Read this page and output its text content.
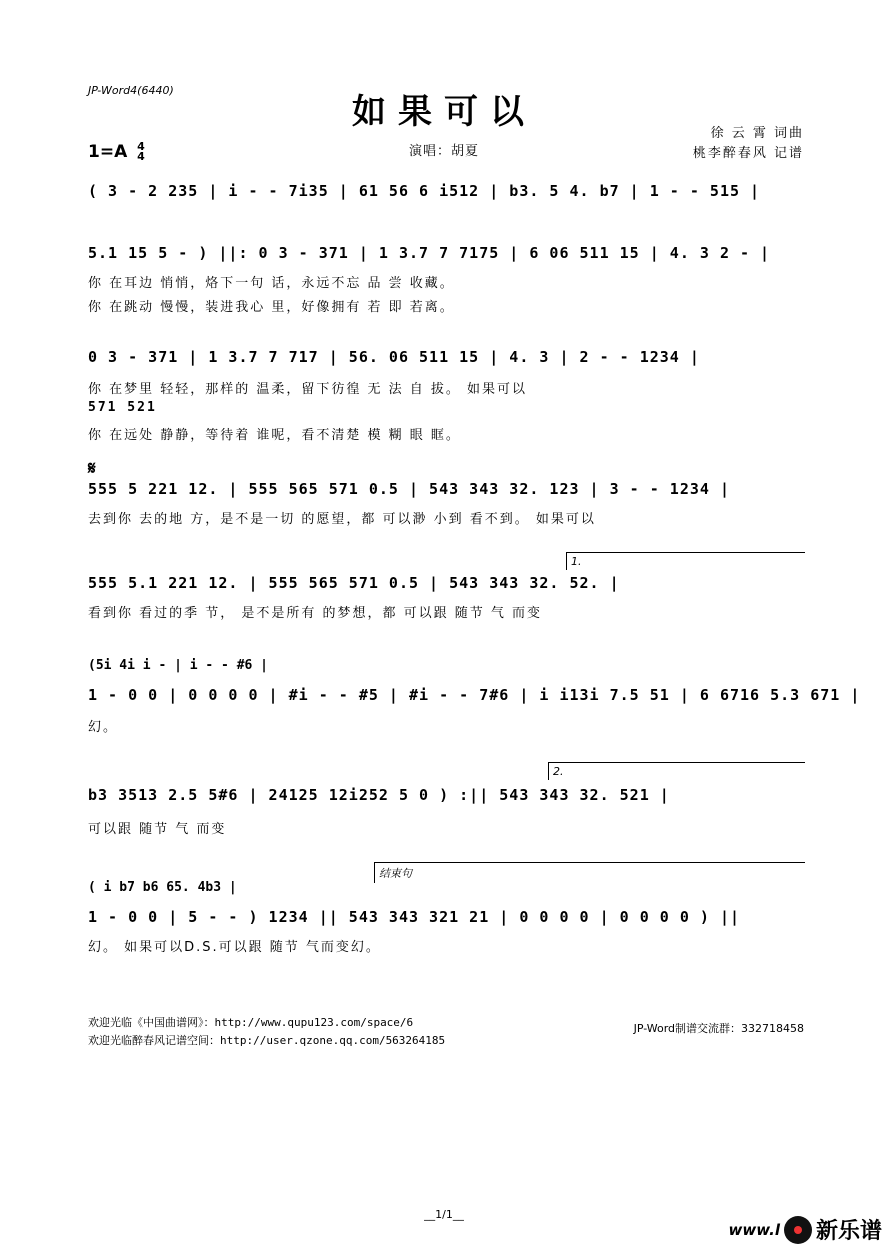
JP-Word4(6440)
如果可以
徐 云 霄 词曲
桃李醉春风 记谱
1=A 4
4	演唱：胡夏
( 3 - 2 235 | i - - 7i35 | 61 56 6 i512 | b3. 5 4. b7 | 1 - - 515 |
5.1 15 5 - ) ||: 0 3 - 371 | 1 3.7 7 7175 | 6 06 511 15 | 4. 3 2 - |
你 在耳边 悄悄，烙下一句 话，永远不忘 品 尝 收藏。
你 在跳动 慢慢，装进我心 里，好像拥有 若 即 若离。
0 3 - 371 | 1 3.7 7 717 | 56. 06 511 15 | 4. 3 | 2 - - 1234 |
你 在梦里 轻轻，那样的 温柔，留下彷徨 无 法 自 拔。 如果可以
571 521
你 在远处 静静，等待着 谁呢，看不清楚 模 糊 眼 眶。
𝄋
555 5 221 12. | 555 565 571 0.5 | 543 343 32. 123 | 3 - - 1234 |
去到你 去的地 方，是不是一切 的愿望，都 可以渺 小到 看不到。 如果可以
1.
555 5.1 221 12. | 555 565 571 0.5 | 543 343 32. 52. |
看到你 看过的季 节， 是不是所有 的梦想，都 可以跟 随节 气 而变
(5i 4i i - | i - - #6 |
1 - 0 0 | 0 0 0 0 | #i - - #5 | #i - - 7#6 | i i13i 7.5 51 | 6 6716 5.3 671 |
幻。
2.
b3 3513 2.5 5#6 | 24125 12i252 5 0 ) :|| 543 343 32. 521 |
可以跟 随节 气 而变
结束句
( i b7 b6 65. 4b3 |
1 - 0 0 | 5 - - ) 1234 || 543 343 321 21 | 0 0 0 0 | 0 0 0 0 ) ||
幻。 如果可以D.S.可以跟 随节 气而变幻。
欢迎光临《中国曲谱网》：http://www.qupu123.com/space/6
欢迎光临醉春风记谱空间：http://user.qzone.qq.com/563264185
JP-Word制谱交流群：332718458
__1/1__
www.l 新乐谱
